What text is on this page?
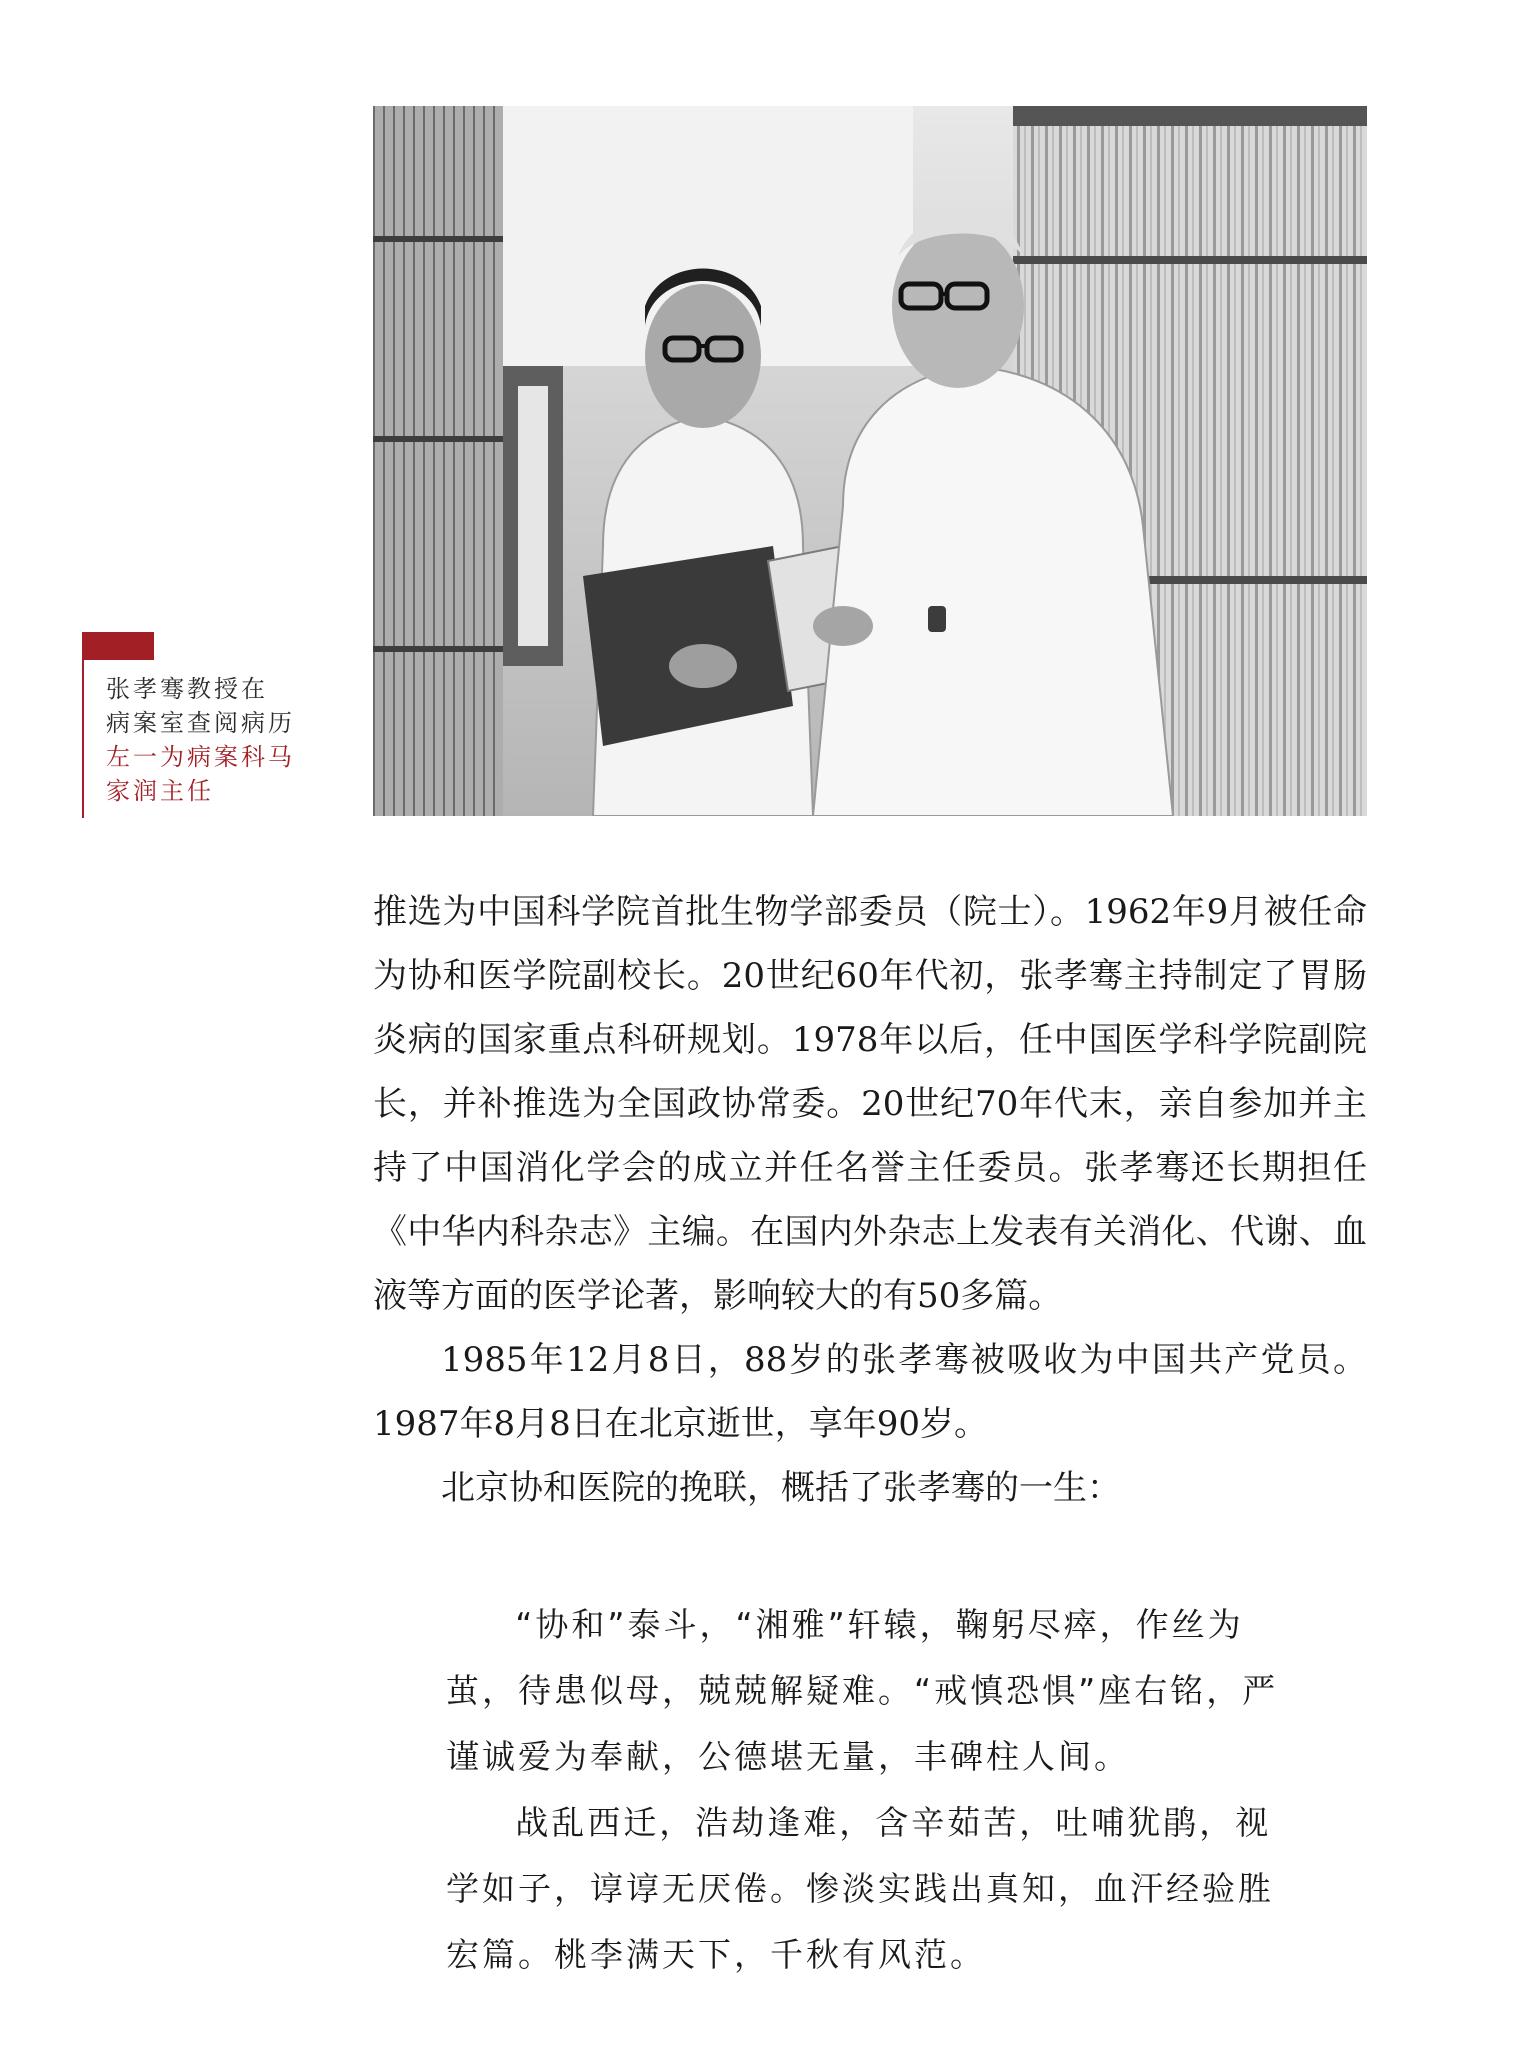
张孝骞教授在
病案室查阅病历
左一为病案科马
家润主任

推选为中国科学院首批生物学部委员（院士）。1962年9月被任命为协和医学院副校长。20世纪60年代初，张孝骞主持制定了胃肠炎病的国家重点科研规划。1978年以后，任中国医学科学院副院长，并补推选为全国政协常委。20世纪70年代末，亲自参加并主持了中国消化学会的成立并任名誉主任委员。张孝骞还长期担任《中华内科杂志》主编。在国内外杂志上发表有关消化、代谢、血液等方面的医学论著，影响较大的有50多篇。

1985年12月8日，88岁的张孝骞被吸收为中国共产党员。1987年8月8日在北京逝世，享年90岁。

北京协和医院的挽联，概括了张孝骞的一生：

“协和”泰斗，“湘雅”轩辕，鞠躬尽瘁，作丝为茧，待患似母，兢兢解疑难。“戒慎恐惧”座右铭，严谨诚爱为奉献，公德堪无量，丰碑柱人间。

战乱西迁，浩劫逢难，含辛茹苦，吐哺犹鹃，视学如子，谆谆无厌倦。惨淡实践出真知，血汗经验胜宏篇。桃李满天下，千秋有风范。
